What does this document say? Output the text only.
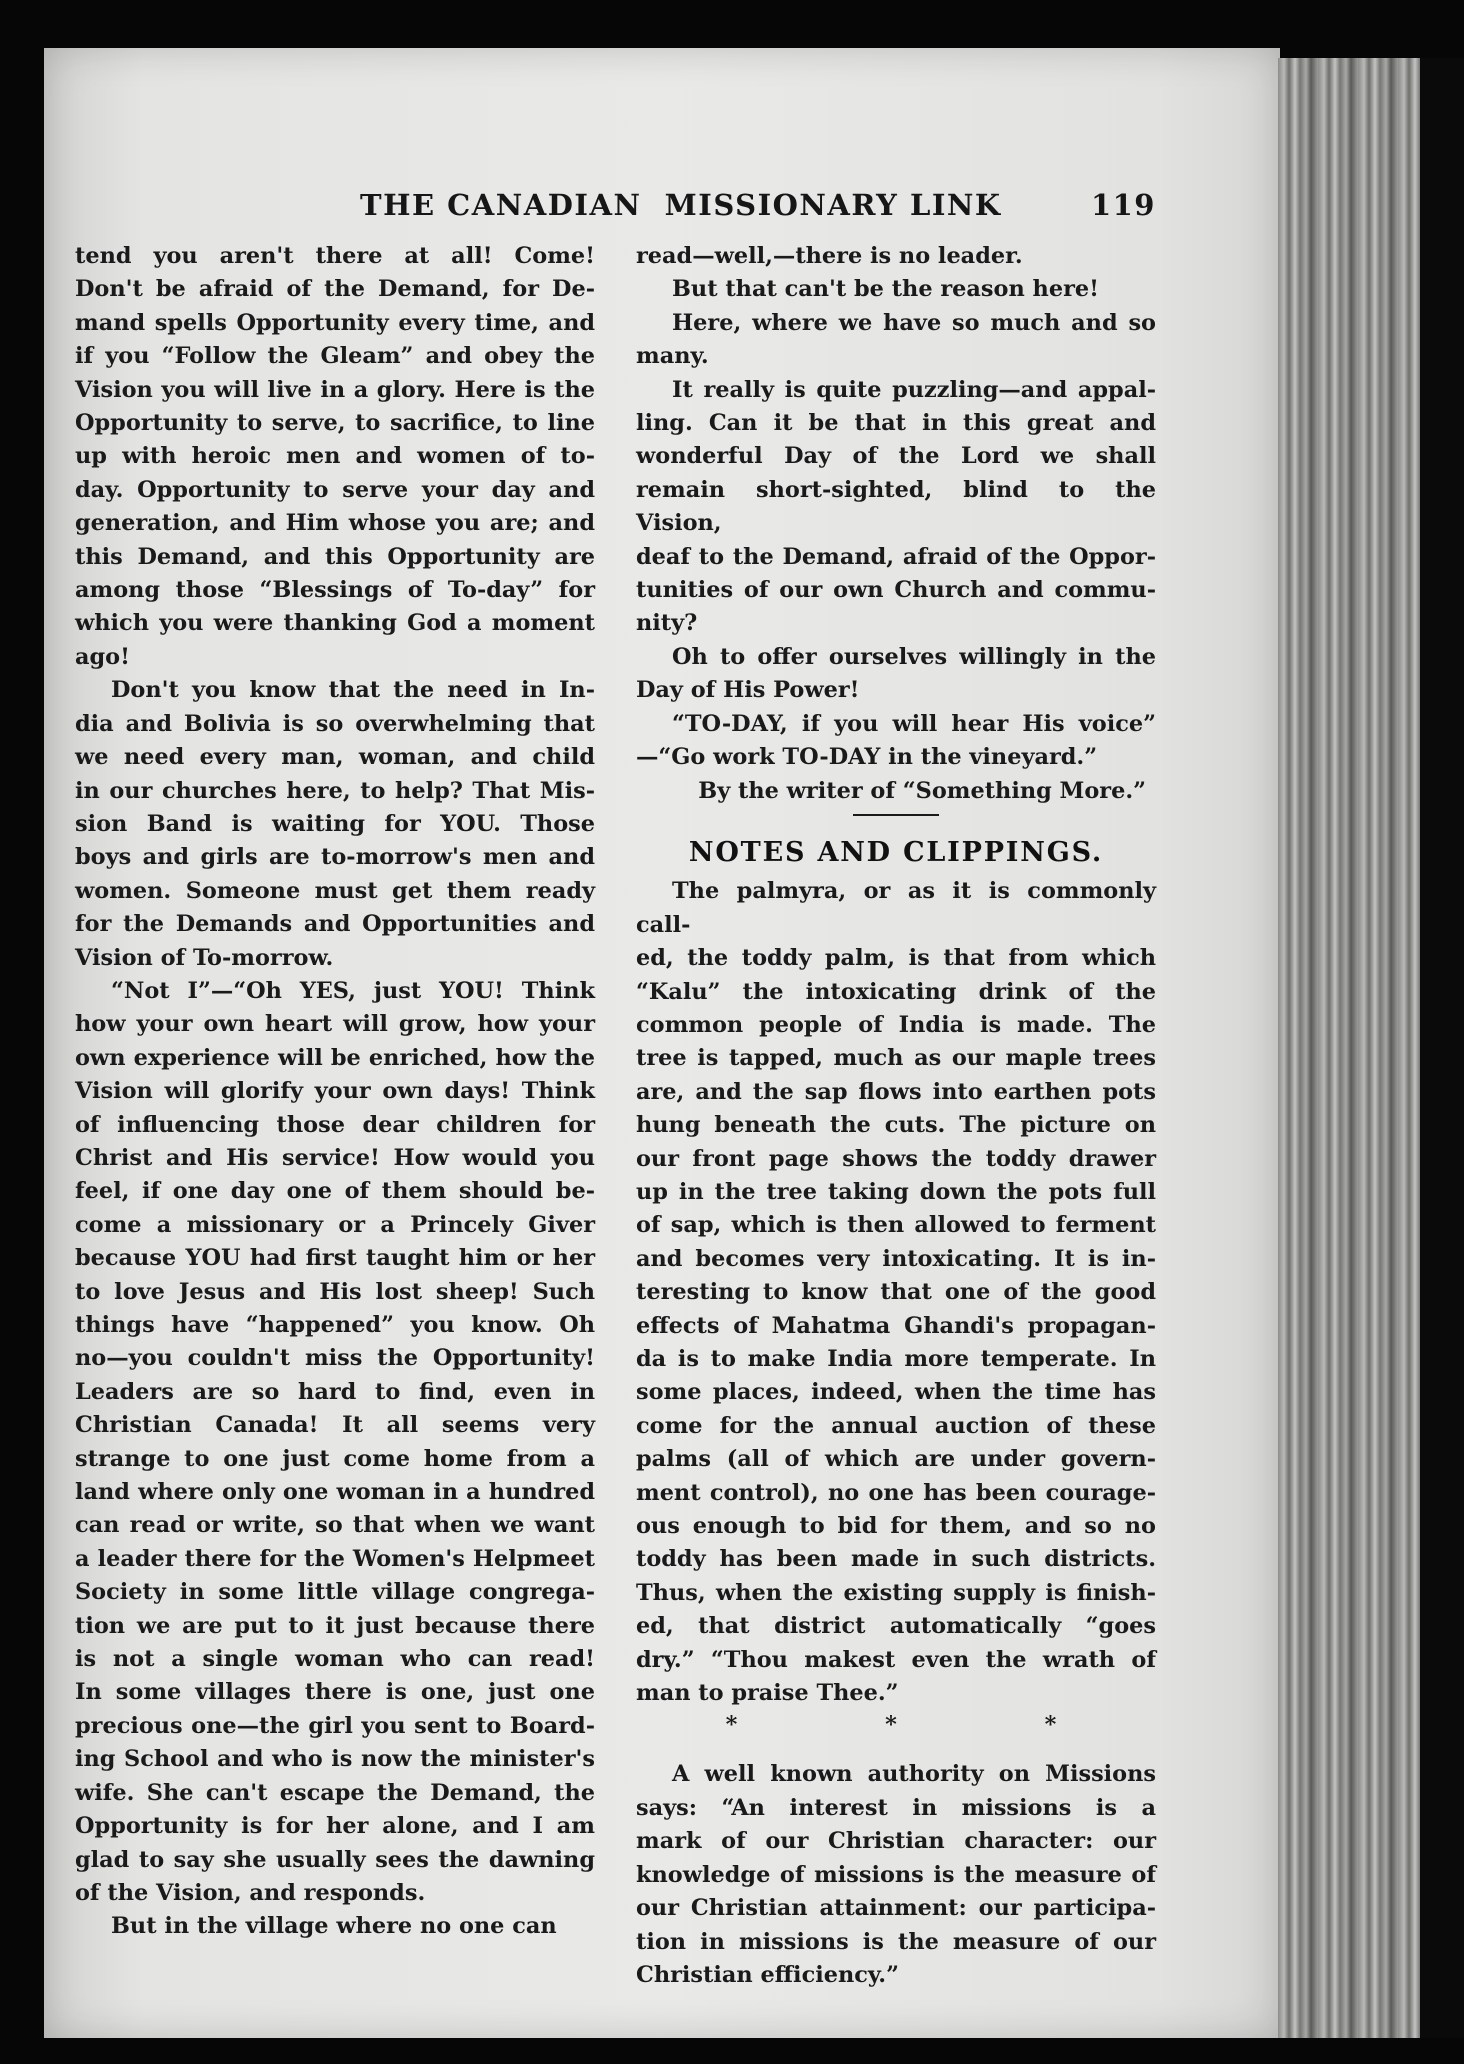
THE CANADIAN  MISSIONARY LINK	119

tend you aren't there at all! Come!

Don't be afraid of the Demand, for De-

mand spells Opportunity every time, and

if you “Follow the Gleam” and obey the

Vision you will live in a glory. Here is the

Opportunity to serve, to sacrifice, to line

up with heroic men and women of to-

day. Opportunity to serve your day and

generation, and Him whose you are; and

this Demand, and this Opportunity are

among those “Blessings of To-day” for

which you were thanking God a moment

ago!

Don't you know that the need in In-

dia and Bolivia is so overwhelming that

we need every man, woman, and child

in our churches here, to help? That Mis-

sion Band is waiting for YOU. Those

boys and girls are to-morrow's men and

women. Someone must get them ready

for the Demands and Opportunities and

Vision of To-morrow.

“Not I”—“Oh YES, just YOU! Think

how your own heart will grow, how your

own experience will be enriched, how the

Vision will glorify your own days! Think

of influencing those dear children for

Christ and His service! How would you

feel, if one day one of them should be-

come a missionary or a Princely Giver

because YOU had first taught him or her

to love Jesus and His lost sheep! Such

things have “happened” you know. Oh

no—you couldn't miss the Opportunity!

Leaders are so hard to find, even in

Christian Canada! It all seems very

strange to one just come home from a

land where only one woman in a hundred

can read or write, so that when we want

a leader there for the Women's Helpmeet

Society in some little village congrega-

tion we are put to it just because there

is not a single woman who can read!

In some villages there is one, just one

precious one—the girl you sent to Board-

ing School and who is now the minister's

wife. She can't escape the Demand, the

Opportunity is for her alone, and I am

glad to say she usually sees the dawning

of the Vision, and responds.

But in the village where no one can

read—well,—there is no leader.

But that can't be the reason here!

Here, where we have so much and so

many.

It really is quite puzzling—and appal-

ling. Can it be that in this great and

wonderful Day of the Lord we shall

remain short-sighted, blind to the Vision,

deaf to the Demand, afraid of the Oppor-

tunities of our own Church and commu-

nity?

Oh to offer ourselves willingly in the

Day of His Power!

“TO-DAY, if you will hear His voice”

—“Go work TO-DAY in the vineyard.”

By the writer of “Something More.”

NOTES AND CLIPPINGS.

The palmyra, or as it is commonly call-

ed, the toddy palm, is that from which

“Kalu” the intoxicating drink of the

common people of India is made. The

tree is tapped, much as our maple trees

are, and the sap flows into earthen pots

hung beneath the cuts. The picture on

our front page shows the toddy drawer

up in the tree taking down the pots full

of sap, which is then allowed to ferment

and becomes very intoxicating. It is in-

teresting to know that one of the good

effects of Mahatma Ghandi's propagan-

da is to make India more temperate. In

some places, indeed, when the time has

come for the annual auction of these

palms (all of which are under govern-

ment control), no one has been courage-

ous enough to bid for them, and so no

toddy has been made in such districts.

Thus, when the existing supply is finish-

ed, that district automatically “goes

dry.” “Thou makest even the wrath of

man to praise Thee.”

* * *

A well known authority on Missions

says: “An interest in missions is a

mark of our Christian character: our

knowledge of missions is the measure of

our Christian attainment: our participa-

tion in missions is the measure of our

Christian efficiency.”
